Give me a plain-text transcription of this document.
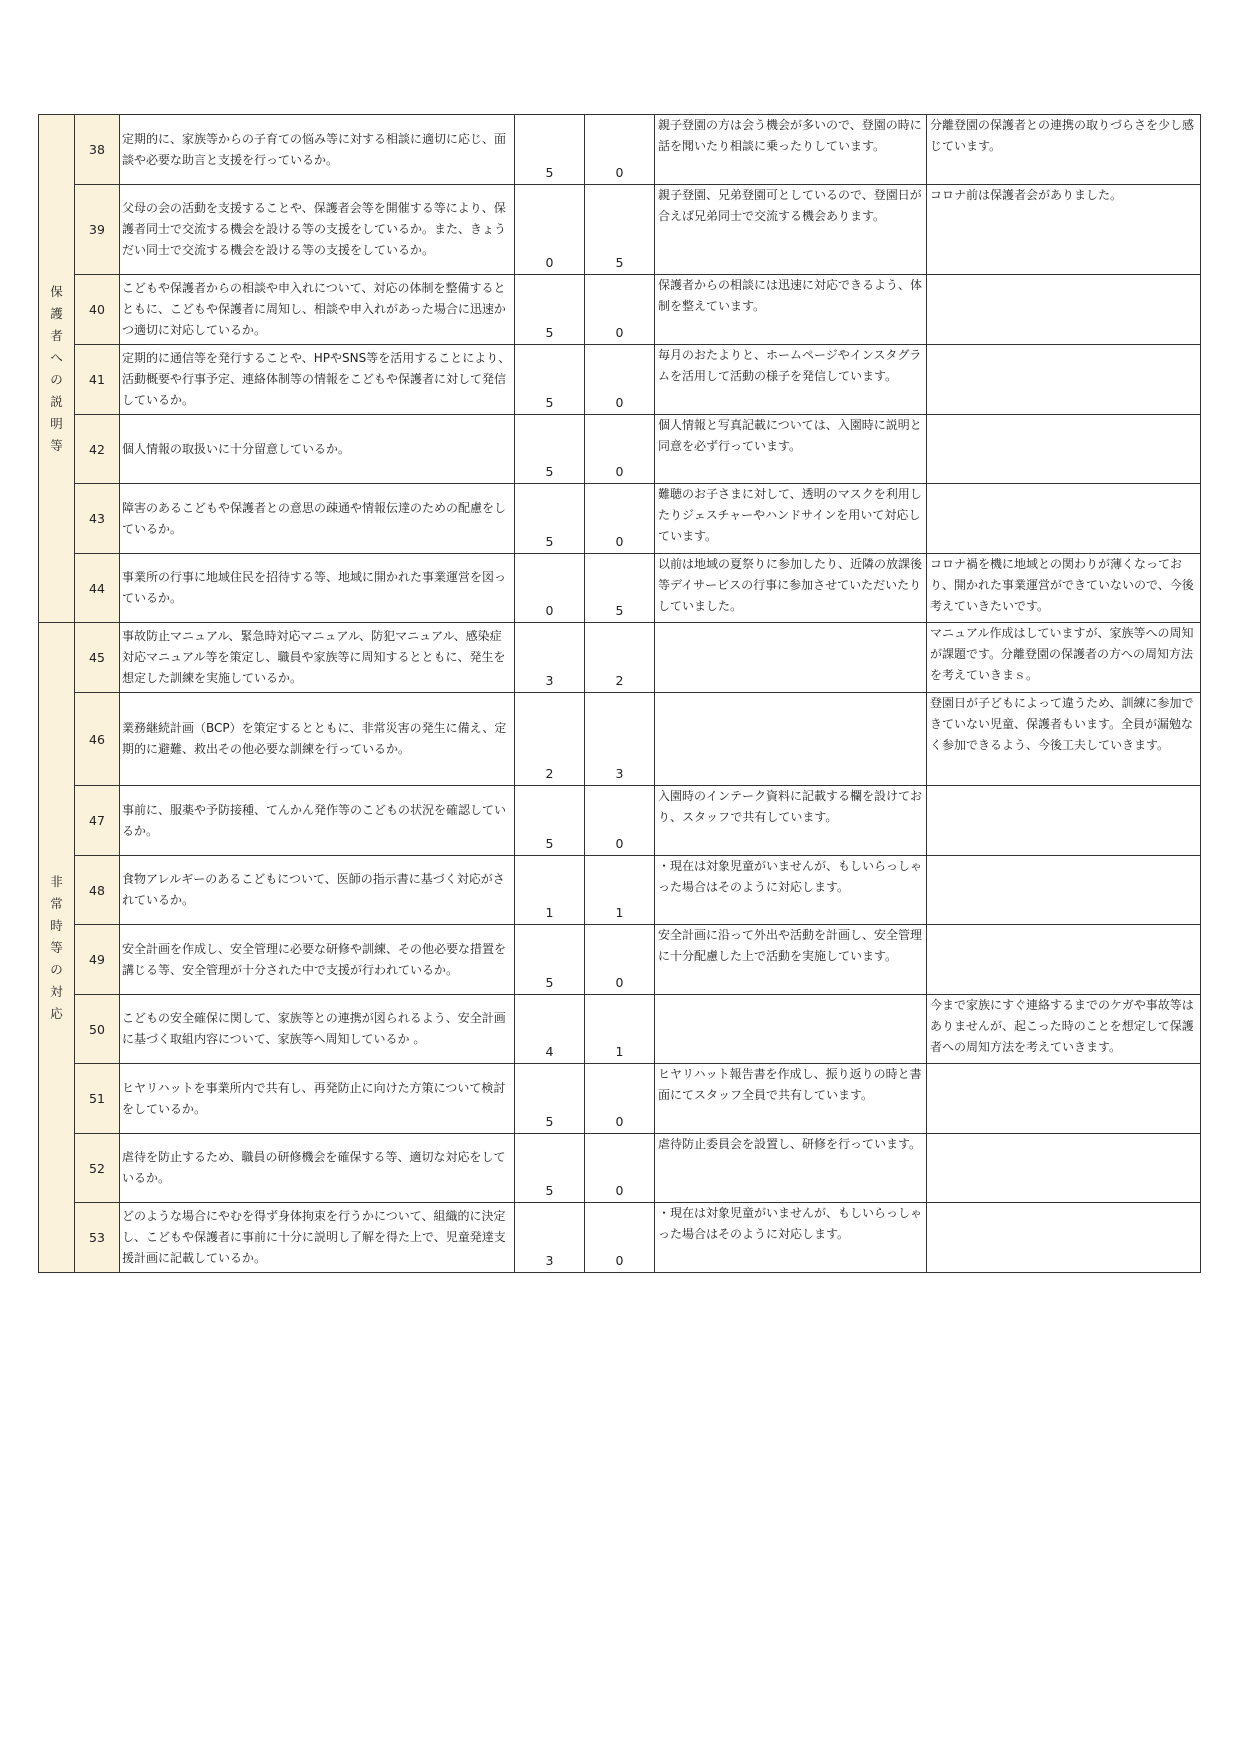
保護者への説明等	38	定期的に、家族等からの子育ての悩み等に対する相談に適切に応じ、面談や必要な助言と支援を行っているか。	5	0	親子登園の方は会う機会が多いので、登園の時に話を聞いたり相談に乗ったりしています。	分離登園の保護者との連携の取りづらさを少し感じています。
	39	父母の会の活動を支援することや、保護者会等を開催する等により、保護者同士で交流する機会を設ける等の支援をしているか。また、きょうだい同士で交流する機会を設ける等の支援をしているか。	0	5	親子登園、兄弟登園可としているので、登園日が合えば兄弟同士で交流する機会あります。	コロナ前は保護者会がありました。
	40	こどもや保護者からの相談や申入れについて、対応の体制を整備するとともに、こどもや保護者に周知し、相談や申入れがあった場合に迅速かつ適切に対応しているか。	5	0	保護者からの相談には迅速に対応できるよう、体制を整えています。	
	41	定期的に通信等を発行することや、HPやSNS等を活用することにより、活動概要や行事予定、連絡体制等の情報をこどもや保護者に対して発信しているか。	5	0	毎月のおたよりと、ホームページやインスタグラムを活用して活動の様子を発信しています。	
	42	個人情報の取扱いに十分留意しているか。	5	0	個人情報と写真記載については、入園時に説明と同意を必ず行っています。	
	43	障害のあるこどもや保護者との意思の疎通や情報伝達のための配慮をしているか。	5	0	難聴のお子さまに対して、透明のマスクを利用したりジェスチャーやハンドサインを用いて対応しています。	
	44	事業所の行事に地域住民を招待する等、地域に開かれた事業運営を図っているか。	0	5	以前は地域の夏祭りに参加したり、近隣の放課後等デイサービスの行事に参加させていただいたりしていました。	コロナ禍を機に地域との関わりが薄くなっており、開かれた事業運営ができていないので、今後考えていきたいです。
非常時等の対応	45	事故防止マニュアル、緊急時対応マニュアル、防犯マニュアル、感染症対応マニュアル等を策定し、職員や家族等に周知するとともに、発生を想定した訓練を実施しているか。	3	2		マニュアル作成はしていますが、家族等への周知が課題です。分離登園の保護者の方への周知方法を考えていきまｓ。
	46	業務継続計画（BCP）を策定するとともに、非常災害の発生に備え、定期的に避難、救出その他必要な訓練を行っているか。	2	3		登園日が子どもによって違うため、訓練に参加できていない児童、保護者もいます。全員が漏勉なく参加できるよう、今後工夫していきます。
	47	事前に、服薬や予防接種、てんかん発作等のこどもの状況を確認しているか。	5	0	入園時のインテーク資料に記載する欄を設けており、スタッフで共有しています。	
	48	食物アレルギーのあるこどもについて、医師の指示書に基づく対応がされているか。	1	1	・現在は対象児童がいませんが、もしいらっしゃった場合はそのように対応します。	
	49	安全計画を作成し、安全管理に必要な研修や訓練、その他必要な措置を講じる等、安全管理が十分された中で支援が行われているか。	5	0	安全計画に沿って外出や活動を計画し、安全管理に十分配慮した上で活動を実施しています。	
	50	こどもの安全確保に関して、家族等との連携が図られるよう、安全計画に基づく取組内容について、家族等へ周知しているか 。	4	1		今まで家族にすぐ連絡するまでのケガや事故等はありませんが、起こった時のことを想定して保護者への周知方法を考えていきます。
	51	ヒヤリハットを事業所内で共有し、再発防止に向けた方策について検討をしているか。	5	0	ヒヤリハット報告書を作成し、振り返りの時と書面にてスタッフ全員で共有しています。	
	52	虐待を防止するため、職員の研修機会を確保する等、適切な対応をしているか。	5	0	虐待防止委員会を設置し、研修を行っています。	
	53	どのような場合にやむを得ず身体拘束を行うかについて、組織的に決定し、こどもや保護者に事前に十分に説明し了解を得た上で、児童発達支援計画に記載しているか。	3	0	・現在は対象児童がいませんが、もしいらっしゃった場合はそのように対応します。	
